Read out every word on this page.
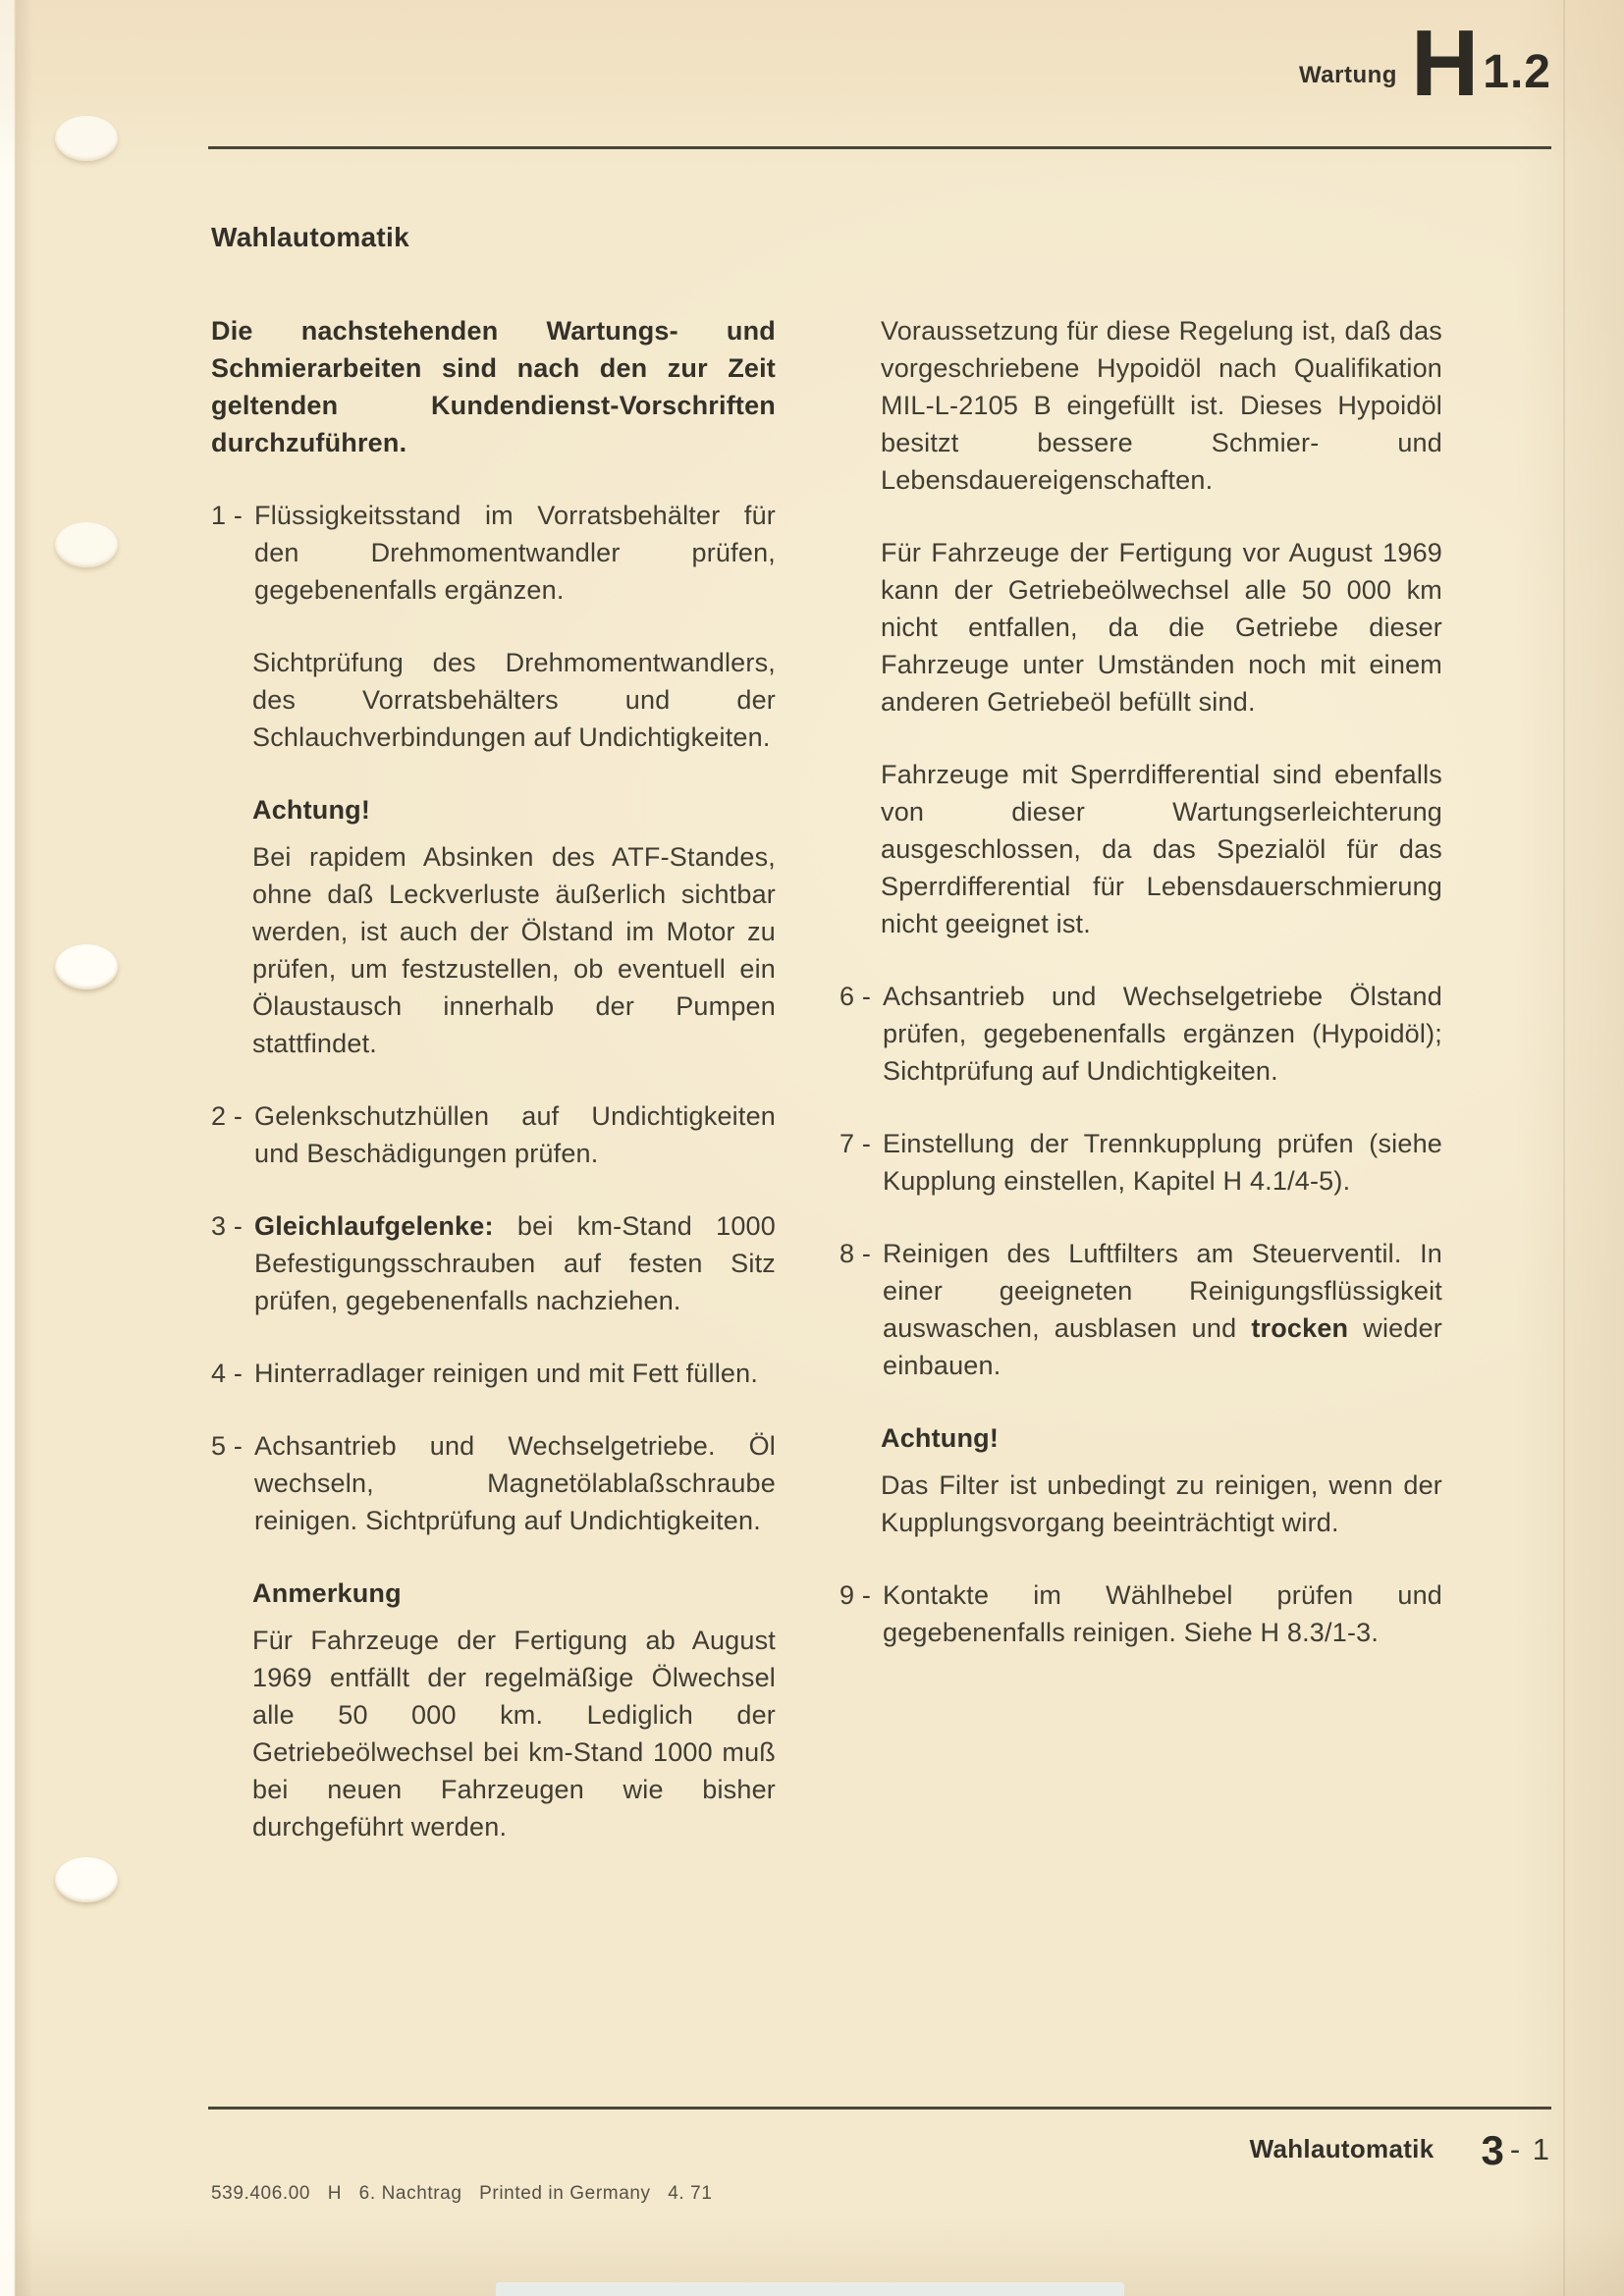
Wartung H 1.2
Wahlautomatik
Die nachstehenden Wartungs- und Schmierarbeiten sind nach den zur Zeit geltenden Kundendienst-Vorschriften durchzuführen.
1 - Flüssigkeitsstand im Vorratsbehälter für den Drehmomentwandler prüfen, gegebenenfalls ergänzen.
Sichtprüfung des Drehmomentwandlers, des Vorratsbehälters und der Schlauchverbindungen auf Undichtigkeiten.
Achtung!
Bei rapidem Absinken des ATF-Standes, ohne daß Leckverluste äußerlich sichtbar werden, ist auch der Ölstand im Motor zu prüfen, um festzustellen, ob eventuell ein Ölaustausch innerhalb der Pumpen stattfindet.
2 - Gelenkschutzhüllen auf Undichtigkeiten und Beschädigungen prüfen.
3 - Gleichlaufgelenke: bei km-Stand 1000 Befestigungsschrauben auf festen Sitz prüfen, gegebenenfalls nachziehen.
4 - Hinterradlager reinigen und mit Fett füllen.
5 - Achsantrieb und Wechselgetriebe. Öl wechseln, Magnetölablaßschraube reinigen. Sichtprüfung auf Undichtigkeiten.
Anmerkung
Für Fahrzeuge der Fertigung ab August 1969 entfällt der regelmäßige Ölwechsel alle 50 000 km. Lediglich der Getriebeölwechsel bei km-Stand 1000 muß bei neuen Fahrzeugen wie bisher durchgeführt werden.
Voraussetzung für diese Regelung ist, daß das vorgeschriebene Hypoidöl nach Qualifikation MIL-L-2105 B eingefüllt ist. Dieses Hypoidöl besitzt bessere Schmier- und Lebensdauereigenschaften.
Für Fahrzeuge der Fertigung vor August 1969 kann der Getriebeölwechsel alle 50 000 km nicht entfallen, da die Getriebe dieser Fahrzeuge unter Umständen noch mit einem anderen Getriebeöl befüllt sind.
Fahrzeuge mit Sperrdifferential sind ebenfalls von dieser Wartungserleichterung ausgeschlossen, da das Spezialöl für das Sperrdifferential für Lebensdauerschmierung nicht geeignet ist.
6 - Achsantrieb und Wechselgetriebe Ölstand prüfen, gegebenenfalls ergänzen (Hypoidöl); Sichtprüfung auf Undichtigkeiten.
7 - Einstellung der Trennkupplung prüfen (siehe Kupplung einstellen, Kapitel H 4.1/4-5).
8 - Reinigen des Luftfilters am Steuerventil. In einer geeigneten Reinigungsflüssigkeit auswaschen, ausblasen und trocken wieder einbauen.
Achtung!
Das Filter ist unbedingt zu reinigen, wenn der Kupplungsvorgang beeinträchtigt wird.
9 - Kontakte im Wählhebel prüfen und gegebenenfalls reinigen. Siehe H 8.3/1-3.
Wahlautomatik 3 - 1
539.406.00   H   6. Nachtrag   Printed in Germany   4. 71
